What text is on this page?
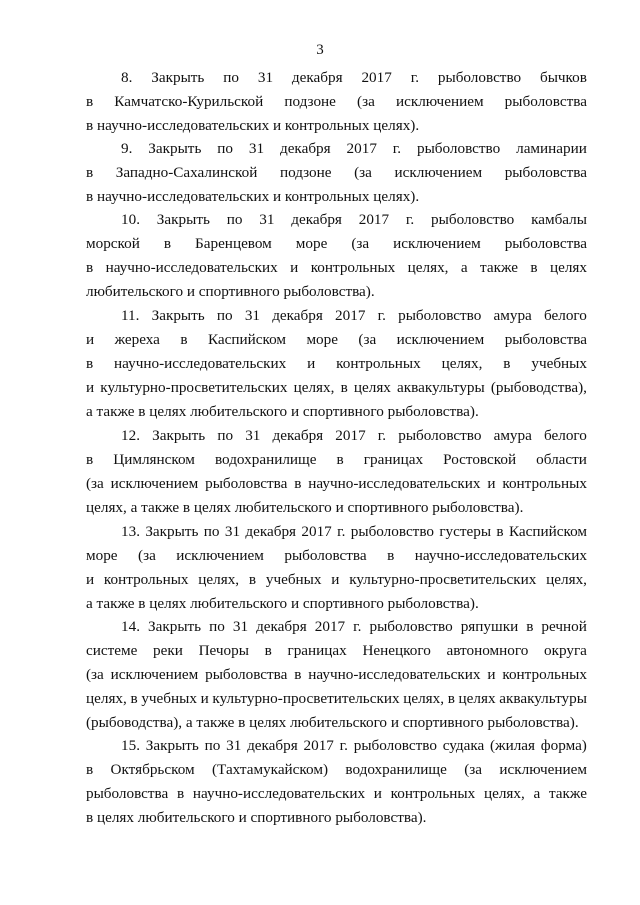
3
8. Закрыть по 31 декабря 2017 г. рыболовство бычков
в Камчатско-Курильской подзоне (за исключением рыболовства
в научно-исследовательских и контрольных целях).
9. Закрыть по 31 декабря 2017 г. рыболовство ламинарии
в Западно-Сахалинской подзоне (за исключением рыболовства
в научно-исследовательских и контрольных целях).
10. Закрыть по 31 декабря 2017 г. рыболовство камбалы
морской в Баренцевом море (за исключением рыболовства
в научно-исследовательских и контрольных целях, а также в целях
любительского и спортивного рыболовства).
11. Закрыть по 31 декабря 2017 г. рыболовство амура белого
и жереха в Каспийском море (за исключением рыболовства
в научно-исследовательских и контрольных целях, в учебных
и культурно-просветительских целях, в целях аквакультуры (рыбоводства),
а также в целях любительского и спортивного рыболовства).
12. Закрыть по 31 декабря 2017 г. рыболовство амура белого
в Цимлянском водохранилище в границах Ростовской области
(за исключением рыболовства в научно-исследовательских и контрольных
целях, а также в целях любительского и спортивного рыболовства).
13. Закрыть по 31 декабря 2017 г. рыболовство густеры в Каспийском
море (за исключением рыболовства в научно-исследовательских
и контрольных целях, в учебных и культурно-просветительских целях,
а также в целях любительского и спортивного рыболовства).
14. Закрыть по 31 декабря 2017 г. рыболовство ряпушки в речной
системе реки Печоры в границах Ненецкого автономного округа
(за исключением рыболовства в научно-исследовательских и контрольных
целях, в учебных и культурно-просветительских целях, в целях аквакультуры
(рыбоводства), а также в целях любительского и спортивного рыболовства).
15. Закрыть по 31 декабря 2017 г. рыболовство судака (жилая форма)
в Октябрьском (Тахтамукайском) водохранилище (за исключением
рыболовства в научно-исследовательских и контрольных целях, а также
в целях любительского и спортивного рыболовства).
